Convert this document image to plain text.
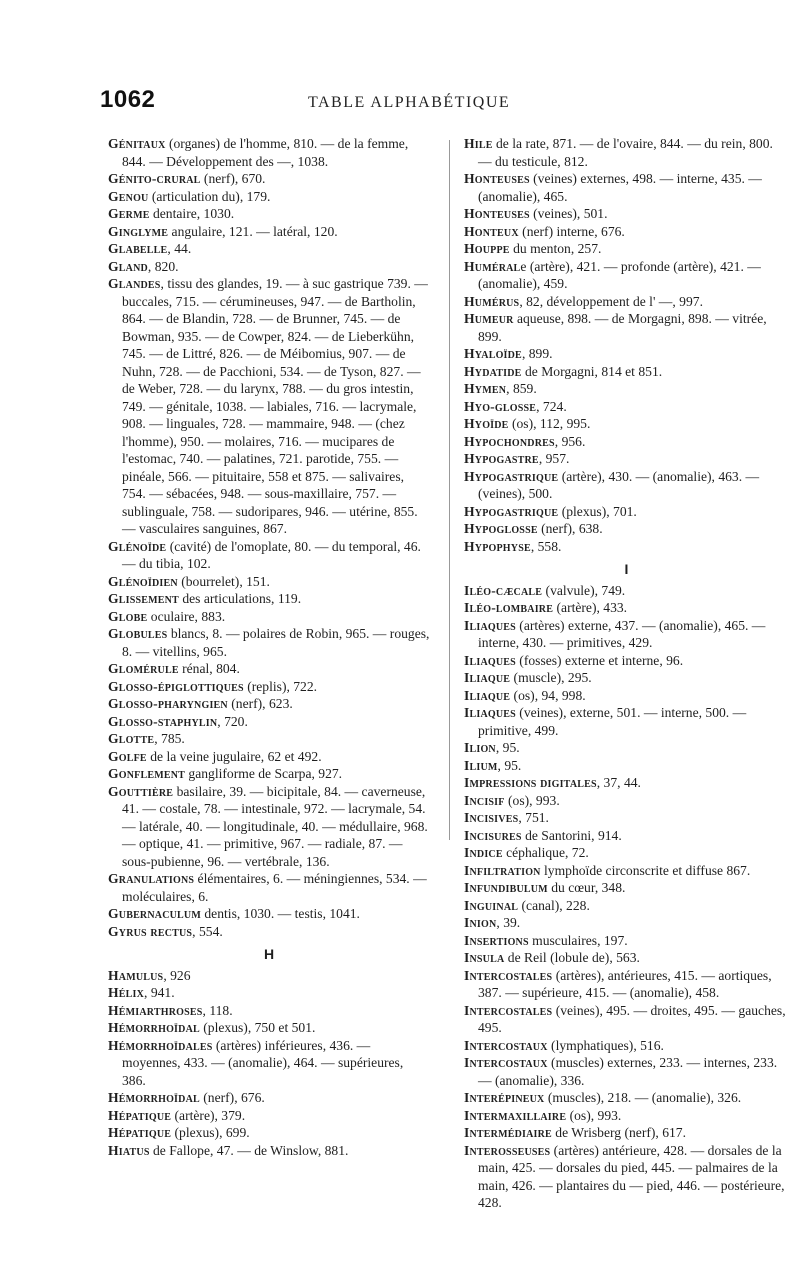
1062	TABLE ALPHABÉTIQUE

Génitaux (organes) de l'homme, 810. — de la femme, 844. — Développement des —, 1038.

Génito-crural (nerf), 670.

Genou (articulation du), 179.

Germe dentaire, 1030.

Ginglyme angulaire, 121. — latéral, 120.

Glabelle, 44.

Gland, 820.

Glandes, tissu des glandes, 19. — à suc gastrique 739. — buccales, 715. — cérumineuses, 947. — de Bartholin, 864. — de Blandin, 728. — de Brunner, 745. — de Bowman, 935. — de Cowper, 824. — de Lieberkühn, 745. — de Littré, 826. — de Méibomius, 907. — de Nuhn, 728. — de Pacchioni, 534. — de Tyson, 827. — de Weber, 728. — du larynx, 788. — du gros intestin, 749. — génitale, 1038. — labiales, 716. — lacrymale, 908. — linguales, 728. — mammaire, 948. — (chez l'homme), 950. — molaires, 716. — mucipares de l'estomac, 740. — palatines, 721. parotide, 755. — pinéale, 566. — pituitaire, 558 et 875. — salivaires, 754. — sébacées, 948. — sous-maxillaire, 757. — sublinguale, 758. — sudoripares, 946. — utérine, 855. — vasculaires sanguines, 867.

Glénoïde (cavité) de l'omoplate, 80. — du temporal, 46. — du tibia, 102.

Glénoïdien (bourrelet), 151.

Glissement des articulations, 119.

Globe oculaire, 883.

Globules blancs, 8. — polaires de Robin, 965. — rouges, 8. — vitellins, 965.

Glomérule rénal, 804.

Glosso-épiglottiques (replis), 722.

Glosso-pharyngien (nerf), 623.

Glosso-staphylin, 720.

Glotte, 785.

Golfe de la veine jugulaire, 62 et 492.

Gonflement gangliforme de Scarpa, 927.

Gouttière basilaire, 39. — bicipitale, 84. — caverneuse, 41. — costale, 78. — intestinale, 972. — lacrymale, 54. — latérale, 40. — longitudinale, 40. — médullaire, 968. — optique, 41. — primitive, 967. — radiale, 87. — sous-pubienne, 96. — vertébrale, 136.

Granulations élémentaires, 6. — méningiennes, 534. — moléculaires, 6.

Gubernaculum dentis, 1030. — testis, 1041.

Gyrus rectus, 554.

H

Hamulus, 926

Hélix, 941.

Hémiarthroses, 118.

Hémorrhoïdal (plexus), 750 et 501.

Hémorrhoïdales (artères) inférieures, 436. — moyennes, 433. — (anomalie), 464. — supérieures, 386.

Hémorrhoïdal (nerf), 676.

Hépatique (artère), 379.

Hépatique (plexus), 699.

Hiatus de Fallope, 47. — de Winslow, 881.

Hile de la rate, 871. — de l'ovaire, 844. — du rein, 800. — du testicule, 812.

Honteuses (veines) externes, 498. — interne, 435. — (anomalie), 465.

Honteuses (veines), 501.

Honteux (nerf) interne, 676.

Houppe du menton, 257.

Humérale (artère), 421. — profonde (artère), 421. — (anomalie), 459.

Humérus, 82, développement de l' —, 997.

Humeur aqueuse, 898. — de Morgagni, 898. — vitrée, 899.

Hyaloïde, 899.

Hydatide de Morgagni, 814 et 851.

Hymen, 859.

Hyo-glosse, 724.

Hyoïde (os), 112, 995.

Hypochondres, 956.

Hypogastre, 957.

Hypogastrique (artère), 430. — (anomalie), 463. — (veines), 500.

Hypogastrique (plexus), 701.

Hypoglosse (nerf), 638.

Hypophyse, 558.

I

Iléo-cæcale (valvule), 749.

Iléo-lombaire (artère), 433.

Iliaques (artères) externe, 437. — (anomalie), 465. — interne, 430. — primitives, 429.

Iliaques (fosses) externe et interne, 96.

Iliaque (muscle), 295.

Iliaque (os), 94, 998.

Iliaques (veines), externe, 501. — interne, 500. — primitive, 499.

Ilion, 95.

Ilium, 95.

Impressions digitales, 37, 44.

Incisif (os), 993.

Incisives, 751.

Incisures de Santorini, 914.

Indice céphalique, 72.

Infiltration lymphoïde circonscrite et diffuse 867.

Infundibulum du cœur, 348.

Inguinal (canal), 228.

Inion, 39.

Insertions musculaires, 197.

Insula de Reil (lobule de), 563.

Intercostales (artères), antérieures, 415. — aortiques, 387. — supérieure, 415. — (anomalie), 458.

Intercostales (veines), 495. — droites, 495. — gauches, 495.

Intercostaux (lymphatiques), 516.

Intercostaux (muscles) externes, 233. — internes, 233. — (anomalie), 336.

Interépineux (muscles), 218. — (anomalie), 326.

Intermaxillaire (os), 993.

Intermédiaire de Wrisberg (nerf), 617.

Interosseuses (artères) antérieure, 428. — dorsales de la main, 425. — dorsales du pied, 445. — palmaires de la main, 426. — plantaires du — pied, 446. — postérieure, 428.
